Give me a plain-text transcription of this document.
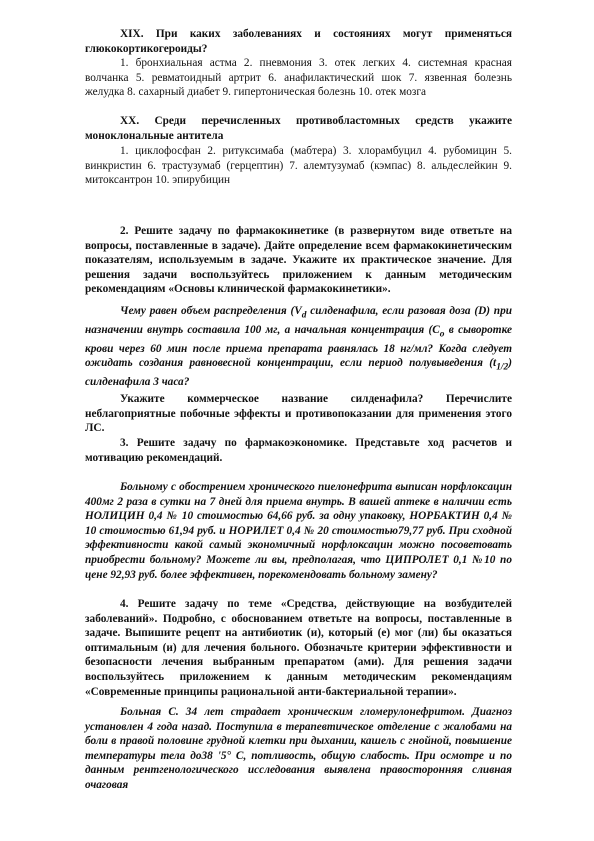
XIX. При каких заболеваниях и состояниях могут применяться глюкокортикогероиды?

1. бронхиальная астма 2. пневмония 3. отек легких 4. системная красная волчанка 5. ревматоидный артрит 6. анафилактический шок 7. язвенная болезнь желудка 8. сахарный диабет 9. гипертоническая болезнь 10. отек мозга

XX. Среди перечисленных противобластомных средств укажите моноклональные антитела

1. циклофосфан 2. ритуксимаба (мабтера) 3. хлорамбуцил 4. рубомицин 5. винкристин 6. трастузумаб (герцептин) 7. алемтузумаб (кэмпас) 8. альдеслейкин 9. митоксантрон 10. эпирубицин

2. Решите задачу по фармакокинетике (в развернутом виде ответьте на вопросы, поставленные в задаче). Дайте определение всем фармакокинетическим показателям, используемым в задаче. Укажите их практическое значение. Для решения задачи воспользуйтесь приложением к данным методическим рекомендациям «Основы клинической фармакокинетики».

Чему равен объем распределения ($V_d$ силденафила, если разовая доза (D) при назначении внутрь составила 100 мг, а начальная концентрация ($С_о$ в сыворотке крови через 60 мин после приема препарата равнялась 18 нг/мл? Когда следует ожидать создания равновесной концентрации, если период полувыведения $(t_{1/2})$ силденафила 3 часа?

Укажите коммерческое название силденафила? Перечислите неблагоприятные побочные эффекты и противопоказании для применения этого ЛС.

3. Решите задачу по фармакоэкономике. Представьте ход расчетов и мотивацию рекомендаций.

Больному с обострением хронического пиелонефрита выписан норфлоксацин 400мг 2 раза в сутки на 7 дней для приема внутрь. В вашей аптеке в наличии есть НОЛИЦИН 0,4 № 10 стоимостью 64,66 руб. за одну упаковку, НОРБАКТИН 0,4 № 10 стоимостью 61,94 руб. и НОРИЛЕТ 0,4 № 20 стоимостью79,77 руб. При сходной эффективности какой самый экономичный норфлоксацин можно посоветовать приобрести больному? Можете ли вы, предполагая, что ЦИПРОЛЕТ 0,1 №10 по цене 92,93 руб. более эффективен, порекомендовать больному замену?

4. Решите задачу по теме «Средства, действующие на возбудителей заболеваний». Подробно, с обоснованием ответьте на вопросы, поставленные в задаче. Выпишите рецепт на антибиотик (и), который (е) мог (ли) бы оказаться оптимальным (и) для лечения больного. Обозначьте критерии эффективности и безопасности лечения выбранным препаратом (ами). Для решения задачи воспользуйтесь приложением к данным методическим рекомендациям «Современные принципы рациональной анти-бактериальной терапии».

Больная С. 34 лет страдает хроническим гломерулонефритом. Диагноз установлен 4 года назад. Поступила в терапевтическое отделение с жалобами на боли в правой половине грудной клетки при дыхании, кашель с гнойной, повышение температуры тела до38 '5° С, потливость, общую слабость. При осмотре и по данным рентгенологического исследования выявлена правосторонняя сливная очаговая
